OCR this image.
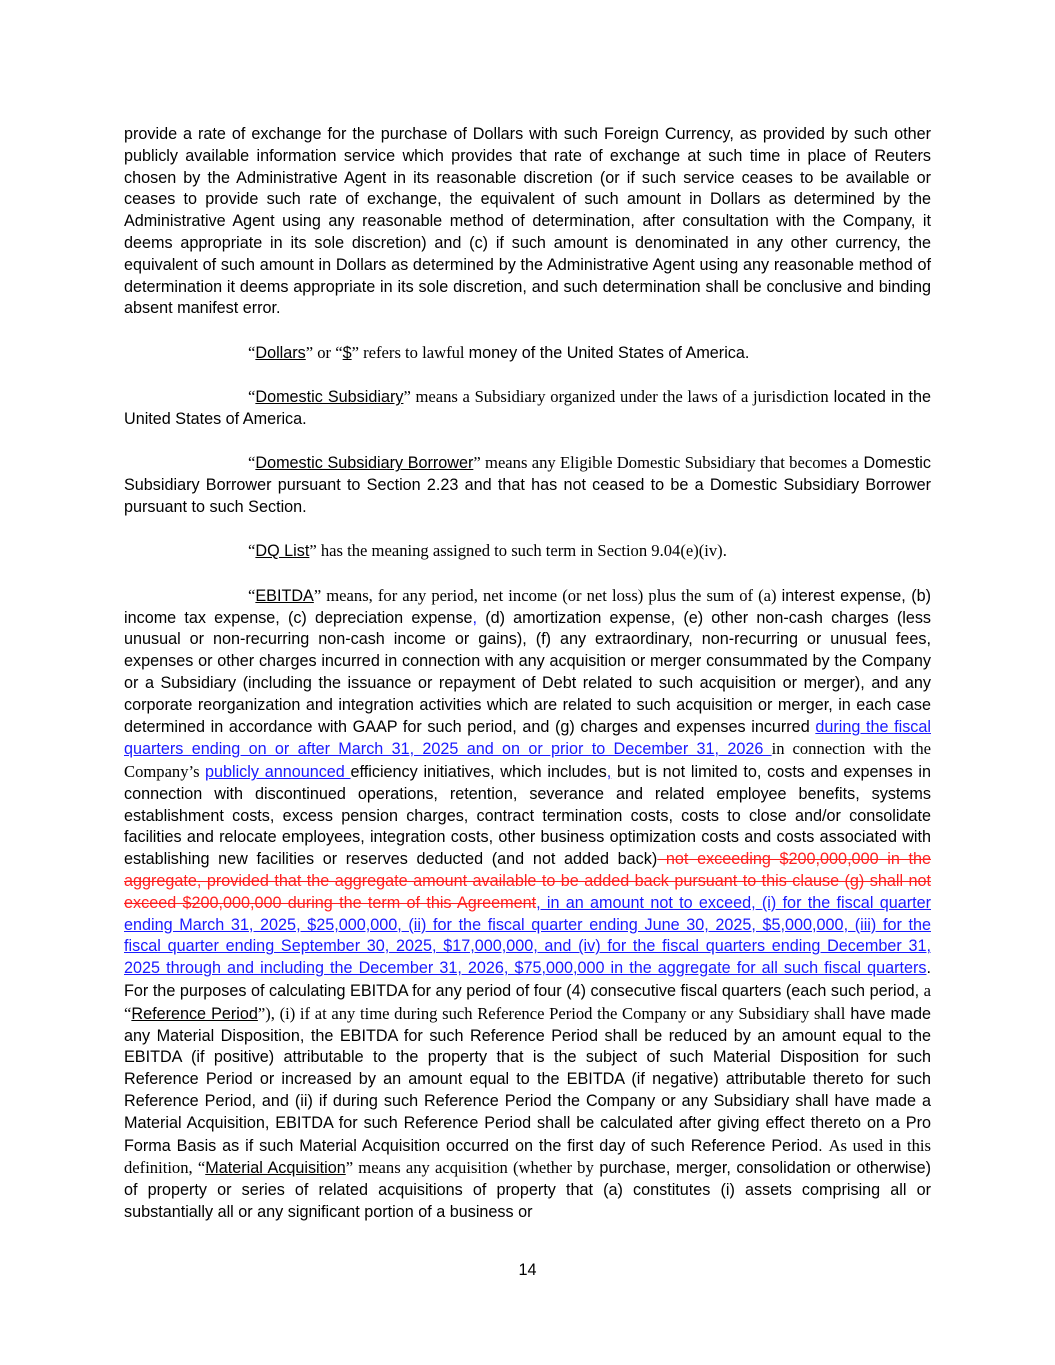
provide a rate of exchange for the purchase of Dollars with such Foreign Currency, as provided by such other publicly available information service which provides that rate of exchange at such time in place of Reuters chosen by the Administrative Agent in its reasonable discretion (or if such service ceases to be available or ceases to provide such rate of exchange, the equivalent of such amount in Dollars as determined by the Administrative Agent using any reasonable method of determination, after consultation with the Company, it deems appropriate in its sole discretion) and (c) if such amount is denominated in any other currency, the equivalent of such amount in Dollars as determined by the Administrative Agent using any reasonable method of determination it deems appropriate in its sole discretion, and such determination shall be conclusive and binding absent manifest error.

“Dollars” or “$” refers to lawful money of the United States of America.

“Domestic Subsidiary” means a Subsidiary organized under the laws of a jurisdiction located in the United States of America.

“Domestic Subsidiary Borrower” means any Eligible Domestic Subsidiary that becomes a Domestic Subsidiary Borrower pursuant to Section 2.23 and that has not ceased to be a Domestic Subsidiary Borrower pursuant to such Section.

“DQ List” has the meaning assigned to such term in Section 9.04(e)(iv).

“EBITDA” means, for any period, net income (or net loss) plus the sum of (a) interest expense, (b) income tax expense, (c) depreciation expense, (d) amortization expense, (e) other non-cash charges (less unusual or non-recurring non-cash income or gains), (f) any extraordinary, non-recurring or unusual fees, expenses or other charges incurred in connection with any acquisition or merger consummated by the Company or a Subsidiary (including the issuance or repayment of Debt related to such acquisition or merger), and any corporate reorganization and integration activities which are related to such acquisition or merger, in each case determined in accordance with GAAP for such period, and (g) charges and expenses incurred during the fiscal quarters ending on or after March 31, 2025 and on or prior to December 31, 2026 in connection with the Company’s publicly announced efficiency initiatives, which includes, but is not limited to, costs and expenses in connection with discontinued operations, retention, severance and related employee benefits, systems establishment costs, excess pension charges, contract termination costs, costs to close and/or consolidate facilities and relocate employees, integration costs, other business optimization costs and costs associated with establishing new facilities or reserves deducted (and not added back) not exceeding $200,000,000 in the aggregate, provided that the aggregate amount available to be added back pursuant to this clause (g) shall not exceed $200,000,000 during the term of this Agreement, in an amount not to exceed, (i) for the fiscal quarter ending March 31, 2025, $25,000,000, (ii) for the fiscal quarter ending June 30, 2025, $5,000,000, (iii) for the fiscal quarter ending September 30, 2025, $17,000,000, and (iv) for the fiscal quarters ending December 31, 2025 through and including the December 31, 2026, $75,000,000 in the aggregate for all such fiscal quarters. For the purposes of calculating EBITDA for any period of four (4) consecutive fiscal quarters (each such period, a “Reference Period”), (i) if at any time during such Reference Period the Company or any Subsidiary shall have made any Material Disposition, the EBITDA for such Reference Period shall be reduced by an amount equal to the EBITDA (if positive) attributable to the property that is the subject of such Material Disposition for such Reference Period or increased by an amount equal to the EBITDA (if negative) attributable thereto for such Reference Period, and (ii) if during such Reference Period the Company or any Subsidiary shall have made a Material Acquisition, EBITDA for such Reference Period shall be calculated after giving effect thereto on a Pro Forma Basis as if such Material Acquisition occurred on the first day of such Reference Period. As used in this definition, “Material Acquisition” means any acquisition (whether by purchase, merger, consolidation or otherwise) of property or series of related acquisitions of property that (a) constitutes (i) assets comprising all or substantially all or any significant portion of a business or

14
